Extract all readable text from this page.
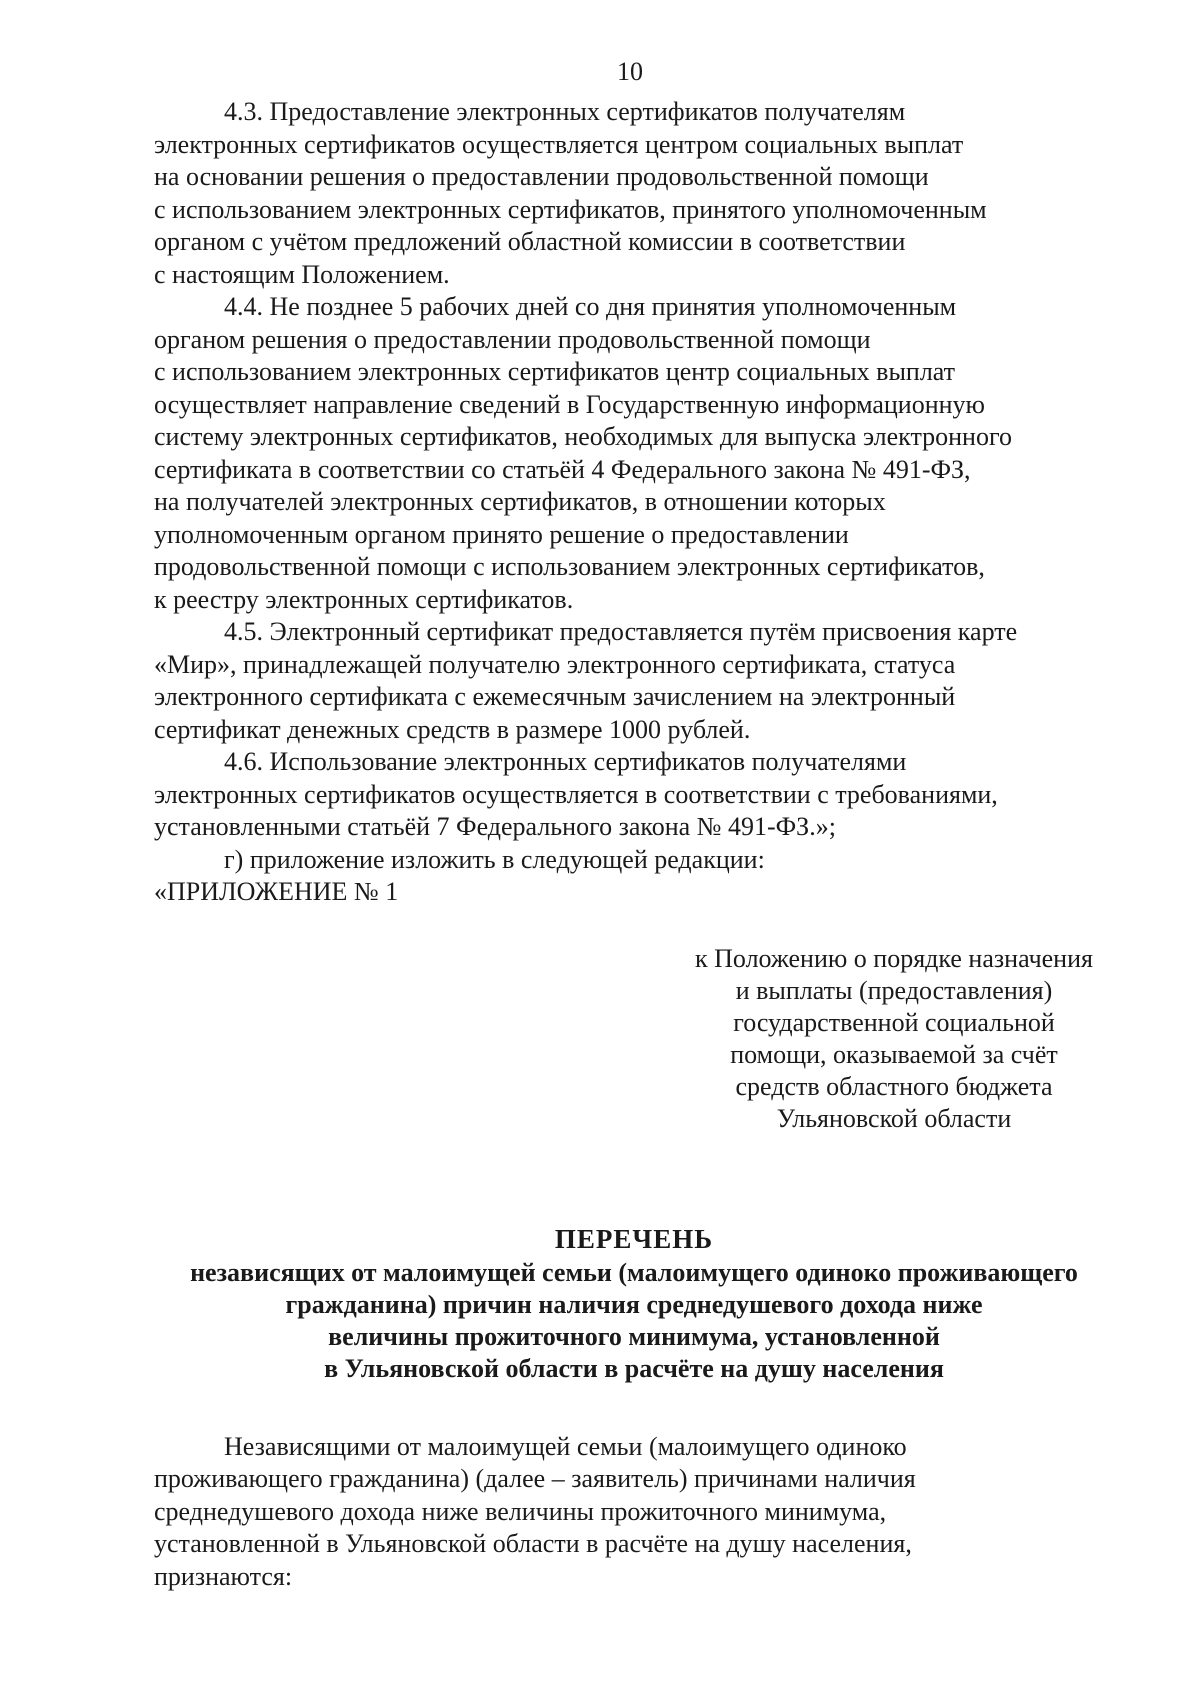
10

4.3. Предоставление электронных сертификатов получателям

электронных сертификатов осуществляется центром социальных выплат

на основании решения о предоставлении продовольственной помощи

с использованием электронных сертификатов, принятого уполномоченным

органом с учётом предложений областной комиссии в соответствии

с настоящим Положением.

4.4. Не позднее 5 рабочих дней со дня принятия уполномоченным

органом решения о предоставлении продовольственной помощи

с использованием электронных сертификатов центр социальных выплат

осуществляет направление сведений в Государственную информационную

систему электронных сертификатов, необходимых для выпуска электронного

сертификата в соответствии со статьёй 4 Федерального закона № 491-ФЗ,

на получателей электронных сертификатов, в отношении которых

уполномоченным органом принято решение о предоставлении

продовольственной помощи с использованием электронных сертификатов,

к реестру электронных сертификатов.

4.5. Электронный сертификат предоставляется путём присвоения карте

«Мир», принадлежащей получателю электронного сертификата, статуса

электронного сертификата с ежемесячным зачислением на электронный

сертификат денежных средств в размере 1000 рублей.

4.6. Использование электронных сертификатов получателями

электронных сертификатов осуществляется в соответствии с требованиями,

установленными статьёй 7 Федерального закона № 491-ФЗ.»;

г) приложение изложить в следующей редакции:

«ПРИЛОЖЕНИЕ № 1

к Положению о порядке назначения
и выплаты (предоставления)
государственной социальной
помощи, оказываемой за счёт
средств областного бюджета
Ульяновской области
ПЕРЕЧЕНЬ
независящих от малоимущей семьи (малоимущего одиноко проживающего
гражданина) причин наличия среднедушевого дохода ниже
величины прожиточного минимума, установленной
в Ульяновской области в расчёте на душу населения

Независящими от малоимущей семьи (малоимущего одиноко

проживающего гражданина) (далее – заявитель) причинами наличия

среднедушевого дохода ниже величины прожиточного минимума,

установленной в Ульяновской области в расчёте на душу населения,

признаются:
